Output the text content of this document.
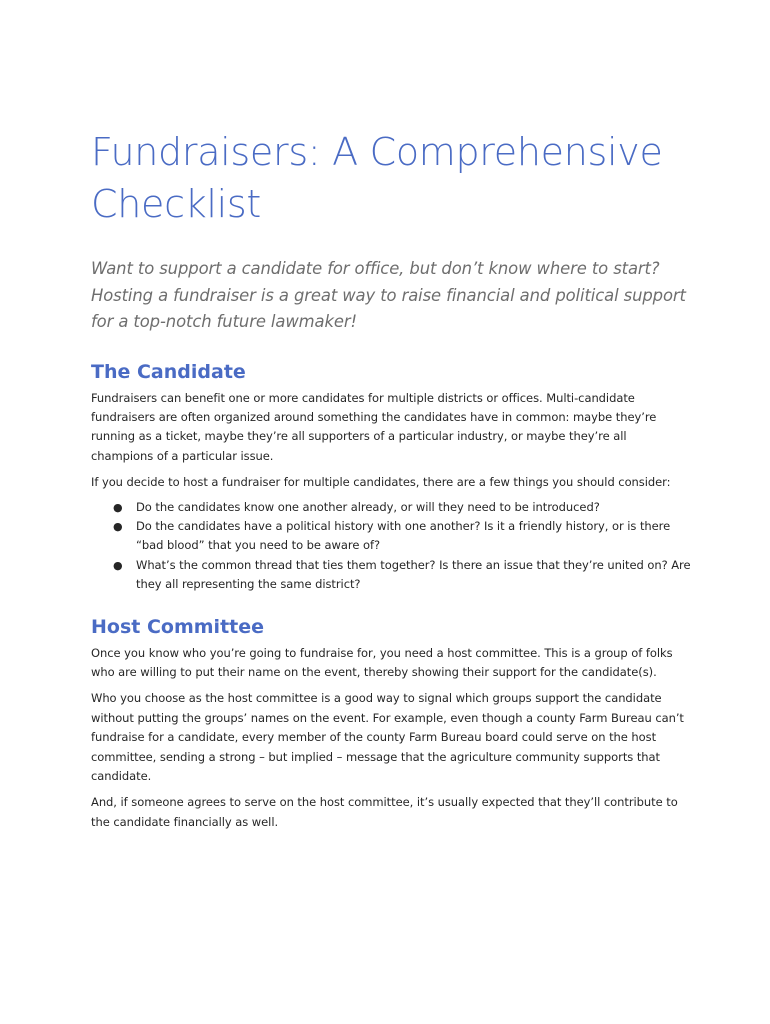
Fundraisers: A Comprehensive Checklist

Want to support a candidate for office, but don’t know where to start? Hosting a fundraiser is a great way to raise financial and political support for a top-notch future lawmaker!

The Candidate

Fundraisers can benefit one or more candidates for multiple districts or offices. Multi-candidate fundraisers are often organized around something the candidates have in common: maybe they’re running as a ticket, maybe they’re all supporters of a particular industry, or maybe they’re all champions of a particular issue.

If you decide to host a fundraiser for multiple candidates, there are a few things you should consider:

● Do the candidates know one another already, or will they need to be introduced?
● Do the candidates have a political history with one another? Is it a friendly history, or is there “bad blood” that you need to be aware of?
● What’s the common thread that ties them together? Is there an issue that they’re united on? Are they all representing the same district?
Host Committee

Once you know who you’re going to fundraise for, you need a host committee. This is a group of folks who are willing to put their name on the event, thereby showing their support for the candidate(s).

Who you choose as the host committee is a good way to signal which groups support the candidate without putting the groups’ names on the event. For example, even though a county Farm Bureau can’t fundraise for a candidate, every member of the county Farm Bureau board could serve on the host committee, sending a strong – but implied – message that the agriculture community supports that candidate.

And, if someone agrees to serve on the host committee, it’s usually expected that they’ll contribute to the candidate financially as well.
